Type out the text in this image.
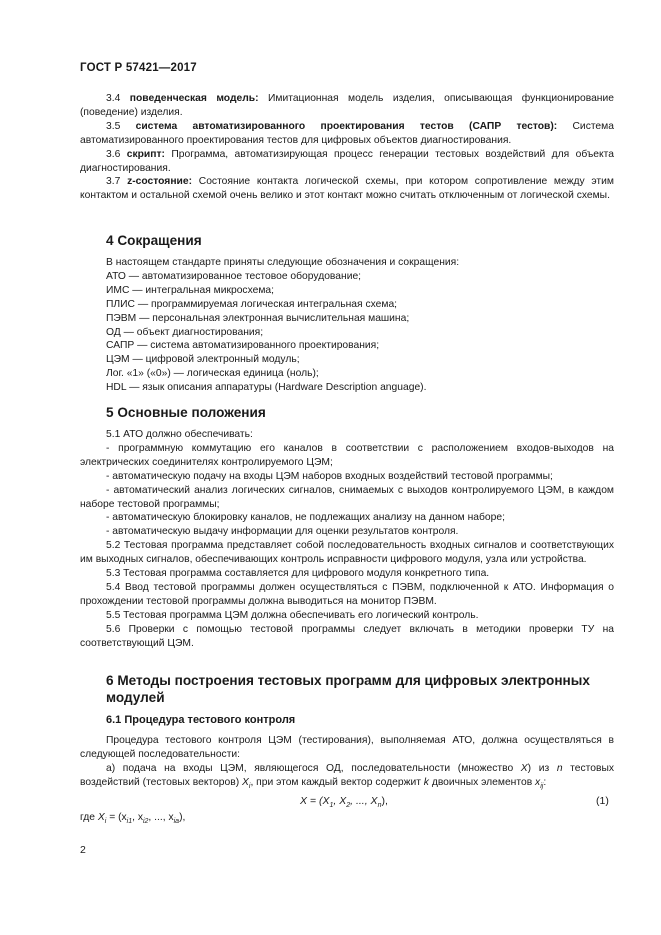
ГОСТ Р 57421—2017

3.4 поведенческая модель: Имитационная модель изделия, описывающая функционирование (поведение) изделия.

3.5 система автоматизированного проектирования тестов (САПР тестов): Система автоматизированного проектирования тестов для цифровых объектов диагностирования.

3.6 скрипт: Программа, автоматизирующая процесс генерации тестовых воздействий для объекта диагностирования.

3.7 z-состояние: Состояние контакта логической схемы, при котором сопротивление между этим контактом и остальной схемой очень велико и этот контакт можно считать отключенным от логической схемы.

4 Сокращения

В настоящем стандарте приняты следующие обозначения и сокращения:

АТО — автоматизированное тестовое оборудование;

ИМС — интегральная микросхема;

ПЛИС — программируемая логическая интегральная схема;

ПЭВМ — персональная электронная вычислительная машина;

ОД — объект диагностирования;

САПР — система автоматизированного проектирования;

ЦЭМ — цифровой электронный модуль;

Лог. «1» («0») — логическая единица (ноль);

HDL — язык описания аппаратуры (Hardware Description anguage).

5 Основные положения

5.1 АТО должно обеспечивать:

- программную коммутацию его каналов в соответствии с расположением входов-выходов на электрических соединителях контролируемого ЦЭМ;

- автоматическую подачу на входы ЦЭМ наборов входных воздействий тестовой программы;

- автоматический анализ логических сигналов, снимаемых с выходов контролируемого ЦЭМ, в каждом наборе тестовой программы;

- автоматическую блокировку каналов, не подлежащих анализу на данном наборе;

- автоматическую выдачу информации для оценки результатов контроля.

5.2 Тестовая программа представляет собой последовательность входных сигналов и соответствующих им выходных сигналов, обеспечивающих контроль исправности цифрового модуля, узла или устройства.

5.3 Тестовая программа составляется для цифрового модуля конкретного типа.

5.4 Ввод тестовой программы должен осуществляться с ПЭВМ, подключенной к АТО. Информация о прохождении тестовой программы должна выводиться на монитор ПЭВМ.

5.5 Тестовая программа ЦЭМ должна обеспечивать его логический контроль.

5.6 Проверки с помощью тестовой программы следует включать в методики проверки ТУ на соответствующий ЦЭМ.

6 Методы построения тестовых программ для цифровых электронных модулей
6.1 Процедура тестового контроля

Процедура тестового контроля ЦЭМ (тестирования), выполняемая АТО, должна осуществляться в следующей последовательности:

а) подача на входы ЦЭМ, являющегося ОД, последовательности (множество X) из n тестовых воздействий (тестовых векторов) $X_i$, при этом каждый вектор содержит k двоичных элементов $x_{ij}$:

$X = (X_1$, $X_2$, ..., $X_n$),	(1)
где $X_i = (x_{i1}$, $x_{i2}$, ..., $x_{ia}$),
2
